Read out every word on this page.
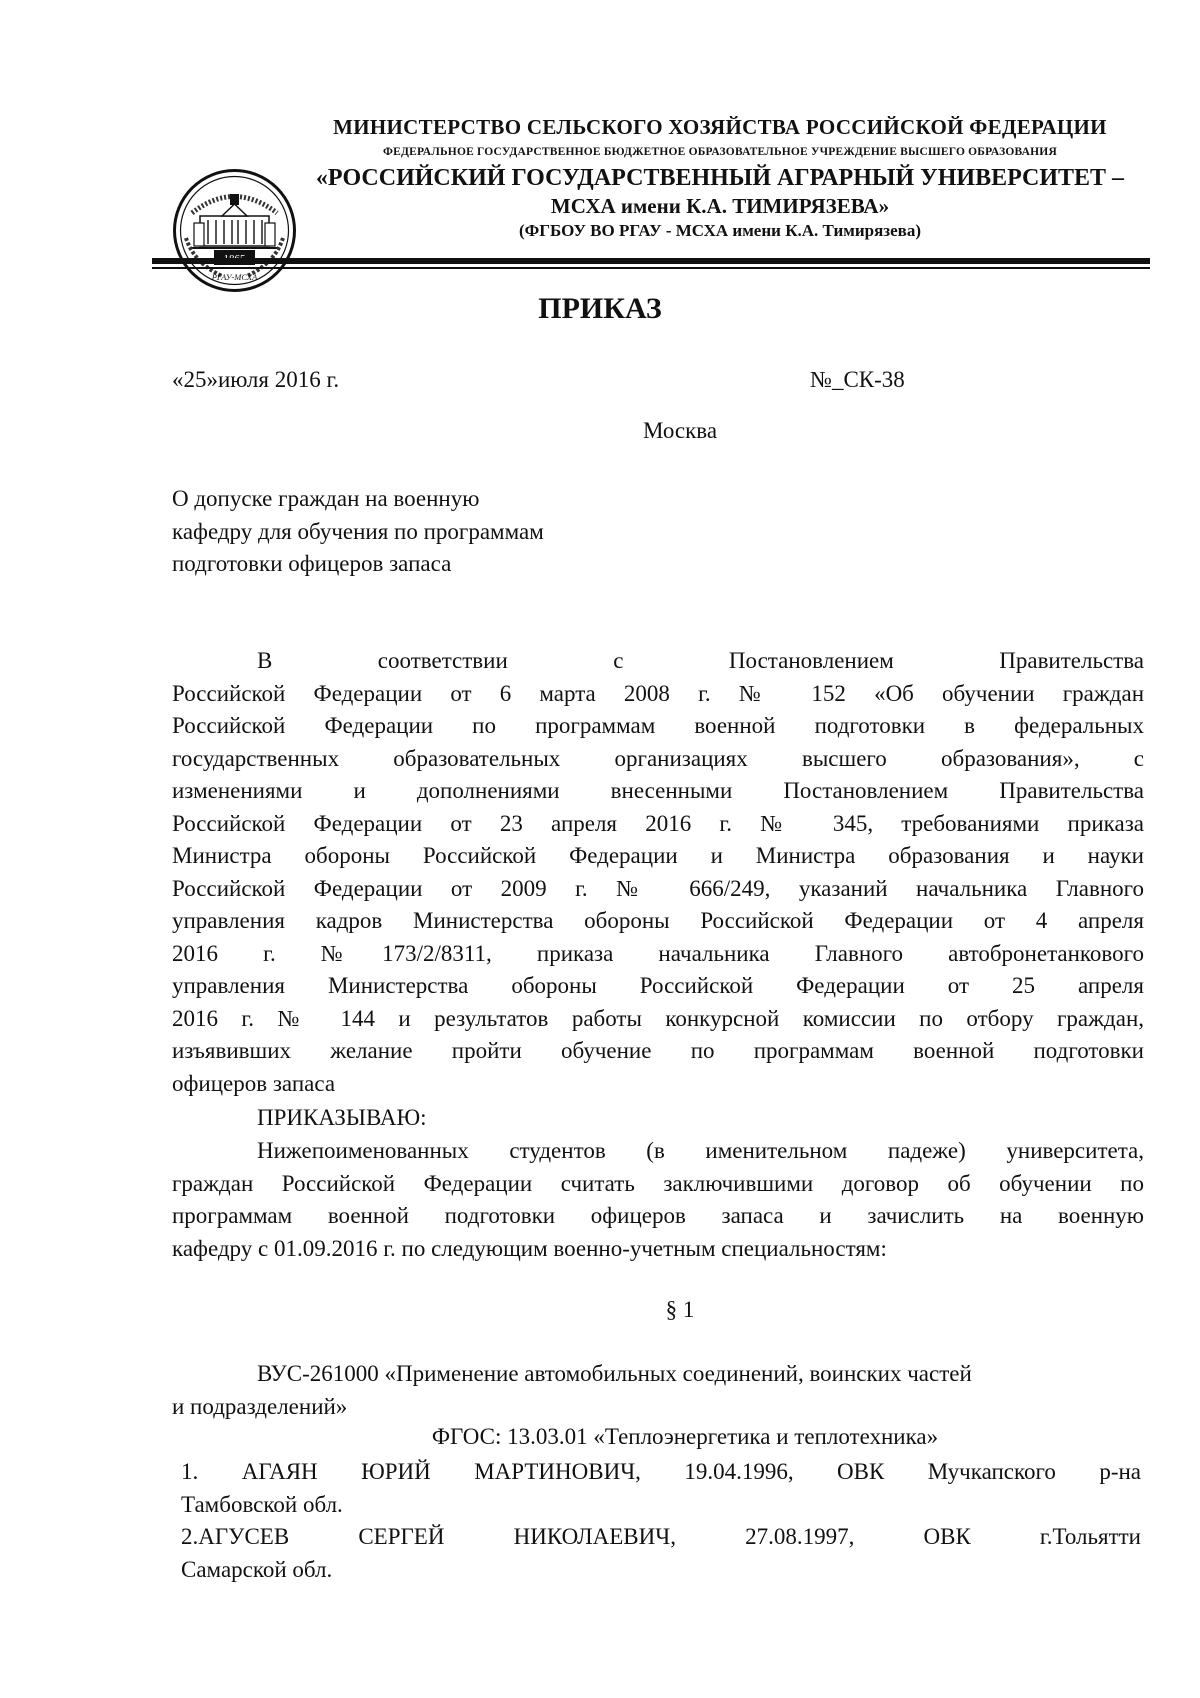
РГАУ-МСХА
МИНИСТЕРСТВО СЕЛЬСКОГО ХОЗЯЙСТВА РОССИЙСКОЙ ФЕДЕРАЦИИ
ФЕДЕРАЛЬНОЕ ГОСУДАРСТВЕННОЕ БЮДЖЕТНОЕ ОБРАЗОВАТЕЛЬНОЕ УЧРЕЖДЕНИЕ ВЫСШЕГО ОБРАЗОВАНИЯ
«РОССИЙСКИЙ ГОСУДАРСТВЕННЫЙ АГРАРНЫЙ УНИВЕРСИТЕТ –
МСХА имени К.А. ТИМИРЯЗЕВА»
(ФГБОУ ВО РГАУ - МСХА имени К.А. Тимирязева)
ПРИКАЗ
«25»июля 2016 г.	№_СК-38
Москва
О допуске граждан на военную
кафедру для обучения по программам
подготовки офицеров запаса
В соответствии с Постановлением Правительства
Российской Федерации от 6 марта 2008 г. № 152 «Об обучении граждан
Российской Федерации по программам военной подготовки в федеральных
государственных образовательных организациях высшего образования», с
изменениями и дополнениями внесенными Постановлением Правительства
Российской Федерации от 23 апреля 2016 г. № 345, требованиями приказа
Министра обороны Российской Федерации и Министра образования и науки
Российской Федерации от 2009 г. № 666/249, указаний начальника Главного
управления кадров Министерства обороны Российской Федерации от 4 апреля
2016 г. №173/2/8311, приказа начальника Главного автобронетанкового
управления Министерства обороны Российской Федерации от 25 апреля
2016 г. № 144 и результатов работы конкурсной комиссии по отбору граждан,
изъявивших желание пройти обучение по программам военной подготовки
офицеров запаса
ПРИКАЗЫВАЮ:
Нижепоименованных студентов (в именительном падеже) университета,
граждан Российской Федерации считать заключившими договор об обучении по
программам военной подготовки офицеров запаса и зачислить на военную
кафедру с 01.09.2016 г. по следующим военно-учетным специальностям:
§ 1
ВУС-261000 «Применение автомобильных соединений, воинских частей
и подразделений»
ФГОС: 13.03.01 «Теплоэнергетика и теплотехника»
1. АГАЯН ЮРИЙ МАРТИНОВИЧ, 19.04.1996, ОВК Мучкапского р-на
Тамбовской обл.
2.АГУСЕВ СЕРГЕЙ НИКОЛАЕВИЧ, 27.08.1997, ОВК г.Тольятти
Самарской обл.
